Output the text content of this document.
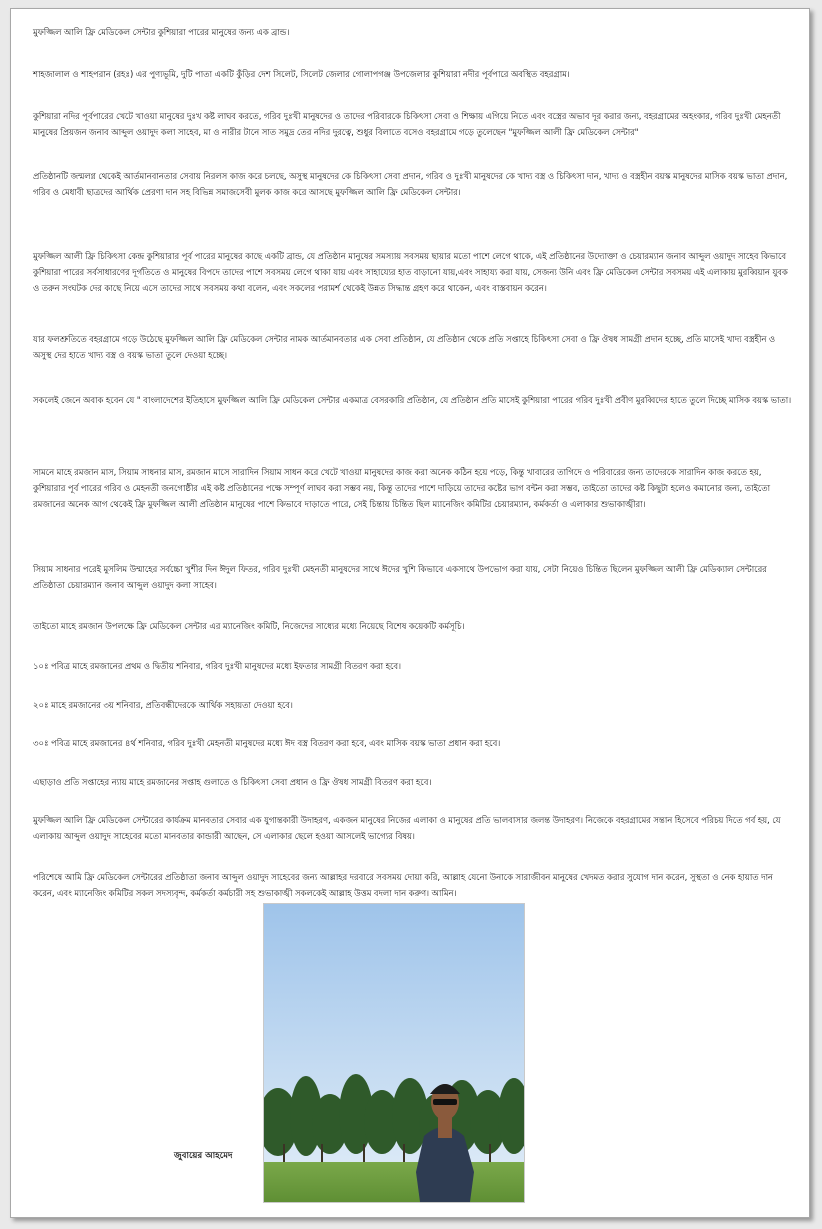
মুফজ্জিল আলি ফ্রি মেডিকেল সেন্টার কুশিয়ারা পারের মানুষের জন্য এক ব্রান্ড।

শাহজালাল ও শাহপরান (রহঃ) এর পুণ্যভূমি, দুটি পাতা একটি কুঁড়ির দেশ সিলেট, সিলেট জেলার গোলাপগঞ্জ উপজেলার কুশিয়ারা নদীর পূর্বপারে অবস্থিত বহরগ্রাম।

কুশিয়ারা নদির পূর্বপারের খেটে খাওয়া মানুষের দুঃখ কষ্ট লাঘব করতে, গরিব দুঃখী মানুষদের ও তাদের পরিবারকে চিকিৎসা সেবা ও শিক্ষায় এগিয়ে নিতে এবং বস্ত্রের অভাব দূর করার জন্য, বহরগ্রামের অহংকার, গরিব দুঃখী মেহনতী মানুষের প্রিয়জন জনাব আব্দুল ওয়াদুদ কলা সাহেব, মা ও নারীর টানে সাত সমুদ্র তের নদির দুরত্বে, শুধুর বিলাতে বসেও বহরগ্রামে গড়ে তুলেছেন "মুফজ্জিল আলী ফ্রি মেডিকেল সেন্টার"

প্রতিষ্ঠানটি জন্মলগ্ন থেকেই আর্তমানবানতার সেবায় নিরলস কাজ করে চলছে, অসুস্থ মানুষদের কে চিকিৎসা সেবা প্রদান, গরিব ও দুঃখী মানুষদের কে খাদ্য বস্ত্র ও চিকিৎসা দান, খাদ্য ও বস্ত্রহীন বয়স্ক মানুষদের মাসিক বয়স্ক ভাতা প্রদান, গরিব ও মেধাবী ছাত্রদের আর্থিক প্রেরণা দান সহ বিভিন্ন সমাজসেবী মুলক কাজ করে আসছে মুফজ্জিল আলি ফ্রি মেডিকেল সেন্টার।

মুফজ্জিল আলী ফ্রি চিকিৎসা কেন্দ্র কুশিয়ারার পূর্ব পারের মানুষের কাছে একটি ব্রান্ড, যে প্রতিষ্ঠান মানুষের সমস্যায় সবসময় ছায়ার মতো পাশে লেগে থাকে, এই প্রতিষ্ঠানের উদ্যোক্তা ও চেয়ারম্যান জনাব আব্দুল ওয়াদুদ সাহেব কিভাবে কুশিয়ারা পারের সর্বসাধারণের দূর্গতিতে ও মানুষের বিপদে তাদের পাশে সবসময় লেগে থাকা যায় এবং সাহায্যের হাত বাড়ানো যায়,এবং সাহায্য করা যায়, সেজন্য উনি এবং ফ্রি মেডিকেল সেন্টার সবসময় এই এলাকায় মুরব্বিয়ান যুবক ও তরুন সংঘটক দের কাছে নিয়ে এসে তাদের সাথে সবসময় কথা বলেন, এবং সকলের পরামর্শ থেকেই উন্নত সিদ্ধান্ত গ্রহণ করে থাকেন, এবং বাস্তবায়ন করেন।

যার ফলশ্রুতিতে বহরগ্রামে গড়ে উঠেছে মুফজ্জিল আলি ফ্রি মেডিকেল সেন্টার নামক আর্তমানবতার এক সেবা প্রতিষ্ঠান, যে প্রতিষ্ঠান থেকে প্রতি সপ্তাহে চিকিৎসা সেবা ও ফ্রি ঔষধ সামগ্রী প্রদান হচ্ছে, প্রতি মাসেই খাদ্য বস্ত্রহীন ও অসুস্থ দের হাতে খাদ্য বস্ত্র ও বয়স্ক ভাতা তুলে দেওয়া হচ্ছে।

সকলেই জেনে অবাক হবেন যে " বাংলাদেশের ইতিহাসে মুফজ্জিল আলি ফ্রি মেডিকেল সেন্টার একমাত্র বেসরকারি প্রতিষ্ঠান, যে প্রতিষ্ঠান প্রতি মাসেই কুশিয়ারা পারের গরিব দুঃখী প্রবীণ মুরব্বিদের হাতে তুলে দিচ্ছে মাসিক বয়স্ক ভাতা।

সামনে মাহে রমজান মাস, সিয়াম সাধনার মাস, রমজান মাসে সারাদিন সিয়াম সাধন করে খেটে খাওয়া মানুষদের কাজ করা অনেক কঠিন হয়ে পড়ে, কিন্তু খাবারের তাগিদে ও পরিবারের জন্য তাদেরকে সারাদিন কাজ করতে হয়, কুশিয়ারার পূর্ব পারের গরিব ও মেহনতী জনগোষ্ঠীর এই কষ্ট প্রতিষ্ঠানের পক্ষে সম্পূর্ণ লাঘব করা সম্ভব নয়, কিন্তু তাদের পাশে দাড়িয়ে তাদের কষ্টের ভাগ বন্টন করা সম্ভব, তাইতো তাদের কষ্ট কিছুটা হলেও কমানোর জন্য, তাইতো রমজানের অনেক আগ থেকেই ফ্রি মুফজ্জিল আলী প্রতিষ্ঠান মানুষের পাশে কিভাবে দাড়াতে পারে, সেই চিন্তায় চিন্তিত ছিল ম্যানেজিং কমিটির চেয়ারম্যান, কর্মকর্তা ও এলাকার শুভাকাঙ্খীরা।

সিয়াম সাধনার পরেই মুসলিম উম্মাহের সর্বচ্চো খুশীর দিন ঈদুল ফিতর, গরিব দুঃখী মেহনতী মানুষদের সাথে ঈদের খুশি কিভাবে একসাথে উপভোগ করা যায়, সেটা নিয়েও চিন্তিত ছিলেন মুফজ্জিল আলী ফ্রি মেডিক্যাল সেন্টারের প্রতিষ্ঠাতা চেয়ারম্যান জনাব আব্দুল ওয়াদুদ কলা সাহেব।

তাইতো মাহে রমজান উপলক্ষে ফ্রি মেডিকেল সেন্টার এর ম্যানেজিং কমিটি, নিজেদের সাধ্যের মধ্যে নিয়েছে বিশেষ কয়েকটি কর্মসূচি।

১০ঃ পবিত্র মাহে রমজানের প্রথম ও দ্বিতীয় শনিবার, গরিব দুঃখী মানুষদের মধ্যে ইফতার সামগ্রী বিতরণ করা হবে।

২০ঃ মাহে রমজানের ৩য় শনিবার, প্রতিবন্ধীদেরকে আর্থিক সহায়তা দেওয়া হবে।

৩০ঃ পবিত্র মাহে রমজানের ৪র্থ শনিবার, গরিব দুঃখী মেহনতী মানুষদের মধ্যে ঈদ বস্ত্র বিতরণ করা হবে, এবং মাসিক বয়স্ক ভাতা প্রধান করা হবে।

এছাড়াও প্রতি সপ্তাহের ন্যায় মাহে রমজানের সপ্তাহ গুলাতে ও চিকিৎসা সেবা প্রধান ও ফ্রি ঔষধ সামগ্রী বিতরণ করা হবে।

মুফজ্জিল আলি ফ্রি মেডিকেল সেন্টারের কার্যক্রম মানবতার সেবার এক যুগান্তকারী উদাহরণ, একজন মানুষের নিজের এলাকা ও মানুষের প্রতি ভালবাসার জলন্ত উদাহরণ। নিজেকে বহরগ্রামের সন্তান হিসেবে পরিচয় দিতে গর্ব হয়, যে এলাকায় আব্দুল ওয়াদুদ সাহেবের মতো মানবতার কান্ডারী আছেন, সে এলাকার ছেলে হওয়া আসলেই ভাগ্যের বিষয়।

পরিশেষে আমি ফ্রি মেডিকেল সেন্টারের প্রতিষ্ঠাতা জনাব আব্দুল ওয়াদুদ সাহেবের জন্য আল্লাহর দরবারে সবসময় দোয়া করি, আল্লাহ যেনো উনাকে সারাজীবন মানুষের খেদমত করার সুযোগ দান করেন, সুস্থতা ও নেক হায়াত দান করেন, এবং ম্যানেজিং কমিটির সকল সদস্যবৃন্দ, কর্মকর্তা কর্মচারী সহ শুভাকাঙ্খী সকলকেই আল্লাহ উত্তম বদলা দান করুণ। আমিন।

জুবায়ের আহমেদ
